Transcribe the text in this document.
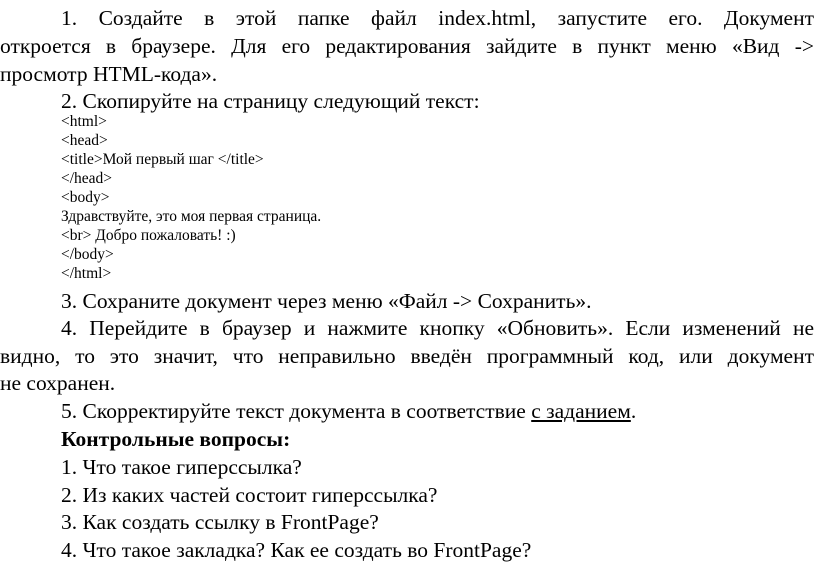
1. Создайте в этой папке файл index.html, запустите его. Документ
откроется в браузере. Для его редактирования зайдите в пункт меню «Вид ->
просмотр HTML-кода».
2. Скопируйте на страницу следующий текст:
<html>
<head>
<title>Мой первый шаг </title>
</head>
<body>
Здравствуйте, это моя первая страница.
<br> Добро пожаловать! :)
</body>
</html>
3. Сохраните документ через меню «Файл -> Сохранить».
4. Перейдите в браузер и нажмите кнопку «Обновить». Если изменений не
видно, то это значит, что неправильно введён программный код, или документ
не сохранен.
5. Скорректируйте текст документа в соответствие с заданием.
Контрольные вопросы:
1. Что такое гиперссылка?
2. Из каких частей состоит гиперссылка?
3. Как создать ссылку в FrontPage?
4. Что такое закладка? Как ее создать во FrontPage?
